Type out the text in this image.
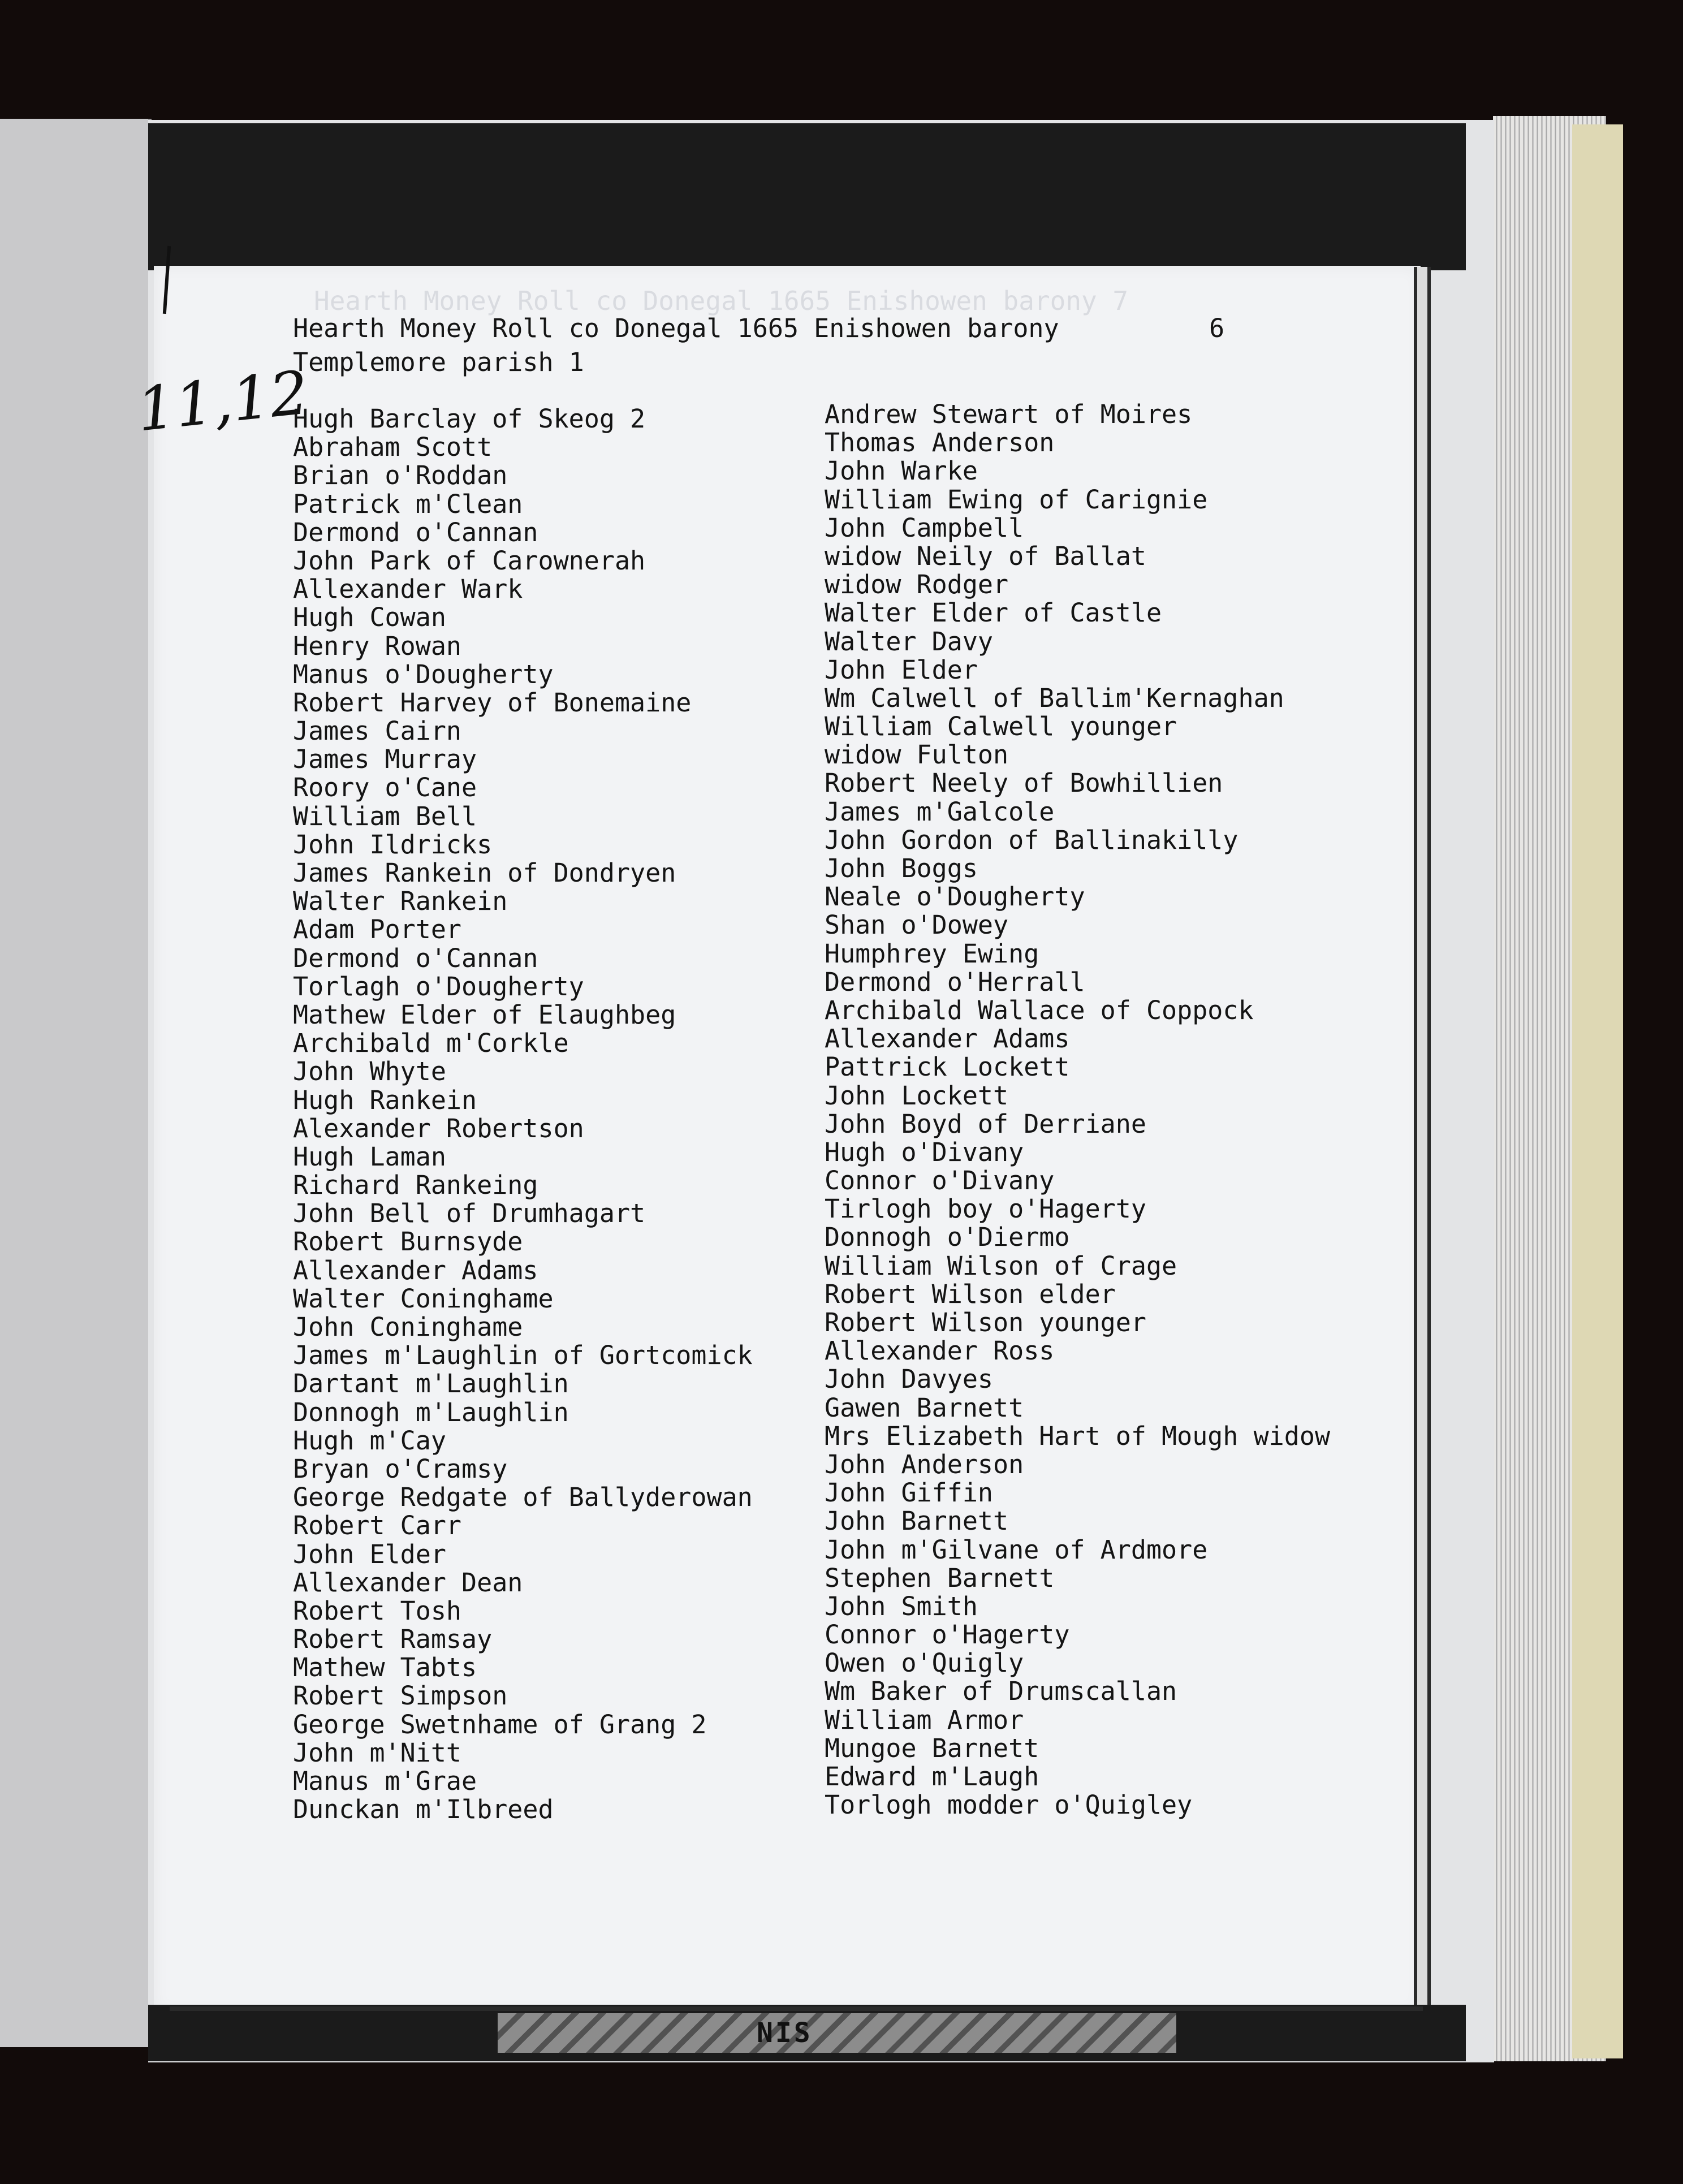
Hearth Money Roll co Donegal 1665 Enishowen barony 7
11,12
Hearth Money Roll co Donegal 1665 Enishowen barony	6
Templemore parish 1
Hugh Barclay of Skeog 2
Abraham Scott
Brian o'Roddan
Patrick m'Clean
Dermond o'Cannan
John Park of Carownerah
Allexander Wark
Hugh Cowan
Henry Rowan
Manus o'Dougherty
Robert Harvey of Bonemaine
James Cairn
James Murray
Roory o'Cane
William Bell
John Ildricks
James Rankein of Dondryen
Walter Rankein
Adam Porter
Dermond o'Cannan
Torlagh o'Dougherty
Mathew Elder of Elaughbeg
Archibald m'Corkle
John Whyte
Hugh Rankein
Alexander Robertson
Hugh Laman
Richard Rankeing
John Bell of Drumhagart
Robert Burnsyde
Allexander Adams
Walter Coninghame
John Coninghame
James m'Laughlin of Gortcomick
Dartant m'Laughlin
Donnogh m'Laughlin
Hugh m'Cay
Bryan o'Cramsy
George Redgate of Ballyderowan
Robert Carr
John Elder
Allexander Dean
Robert Tosh
Robert Ramsay
Mathew Tabts
Robert Simpson
George Swetnhame of Grang 2
John m'Nitt
Manus m'Grae
Dunckan m'Ilbreed
Andrew Stewart of Moires
Thomas Anderson
John Warke
William Ewing of Carignie
John Campbell
widow Neily of Ballat
widow Rodger
Walter Elder of Castle
Walter Davy
John Elder
Wm Calwell of Ballim'Kernaghan
William Calwell younger
widow Fulton
Robert Neely of Bowhillien
James m'Galcole
John Gordon of Ballinakilly
John Boggs
Neale o'Dougherty
Shan o'Dowey
Humphrey Ewing
Dermond o'Herrall
Archibald Wallace of Coppock
Allexander Adams
Pattrick Lockett
John Lockett
John Boyd of Derriane
Hugh o'Divany
Connor o'Divany
Tirlogh boy o'Hagerty
Donnogh o'Diermo
William Wilson of Crage
Robert Wilson elder
Robert Wilson younger
Allexander Ross
John Davyes
Gawen Barnett
Mrs Elizabeth Hart of Mough widow
John Anderson
John Giffin
John Barnett
John m'Gilvane of Ardmore
Stephen Barnett
John Smith
Connor o'Hagerty
Owen o'Quigly
Wm Baker of Drumscallan
William Armor
Mungoe Barnett
Edward m'Laugh
Torlogh modder o'Quigley
NIS
